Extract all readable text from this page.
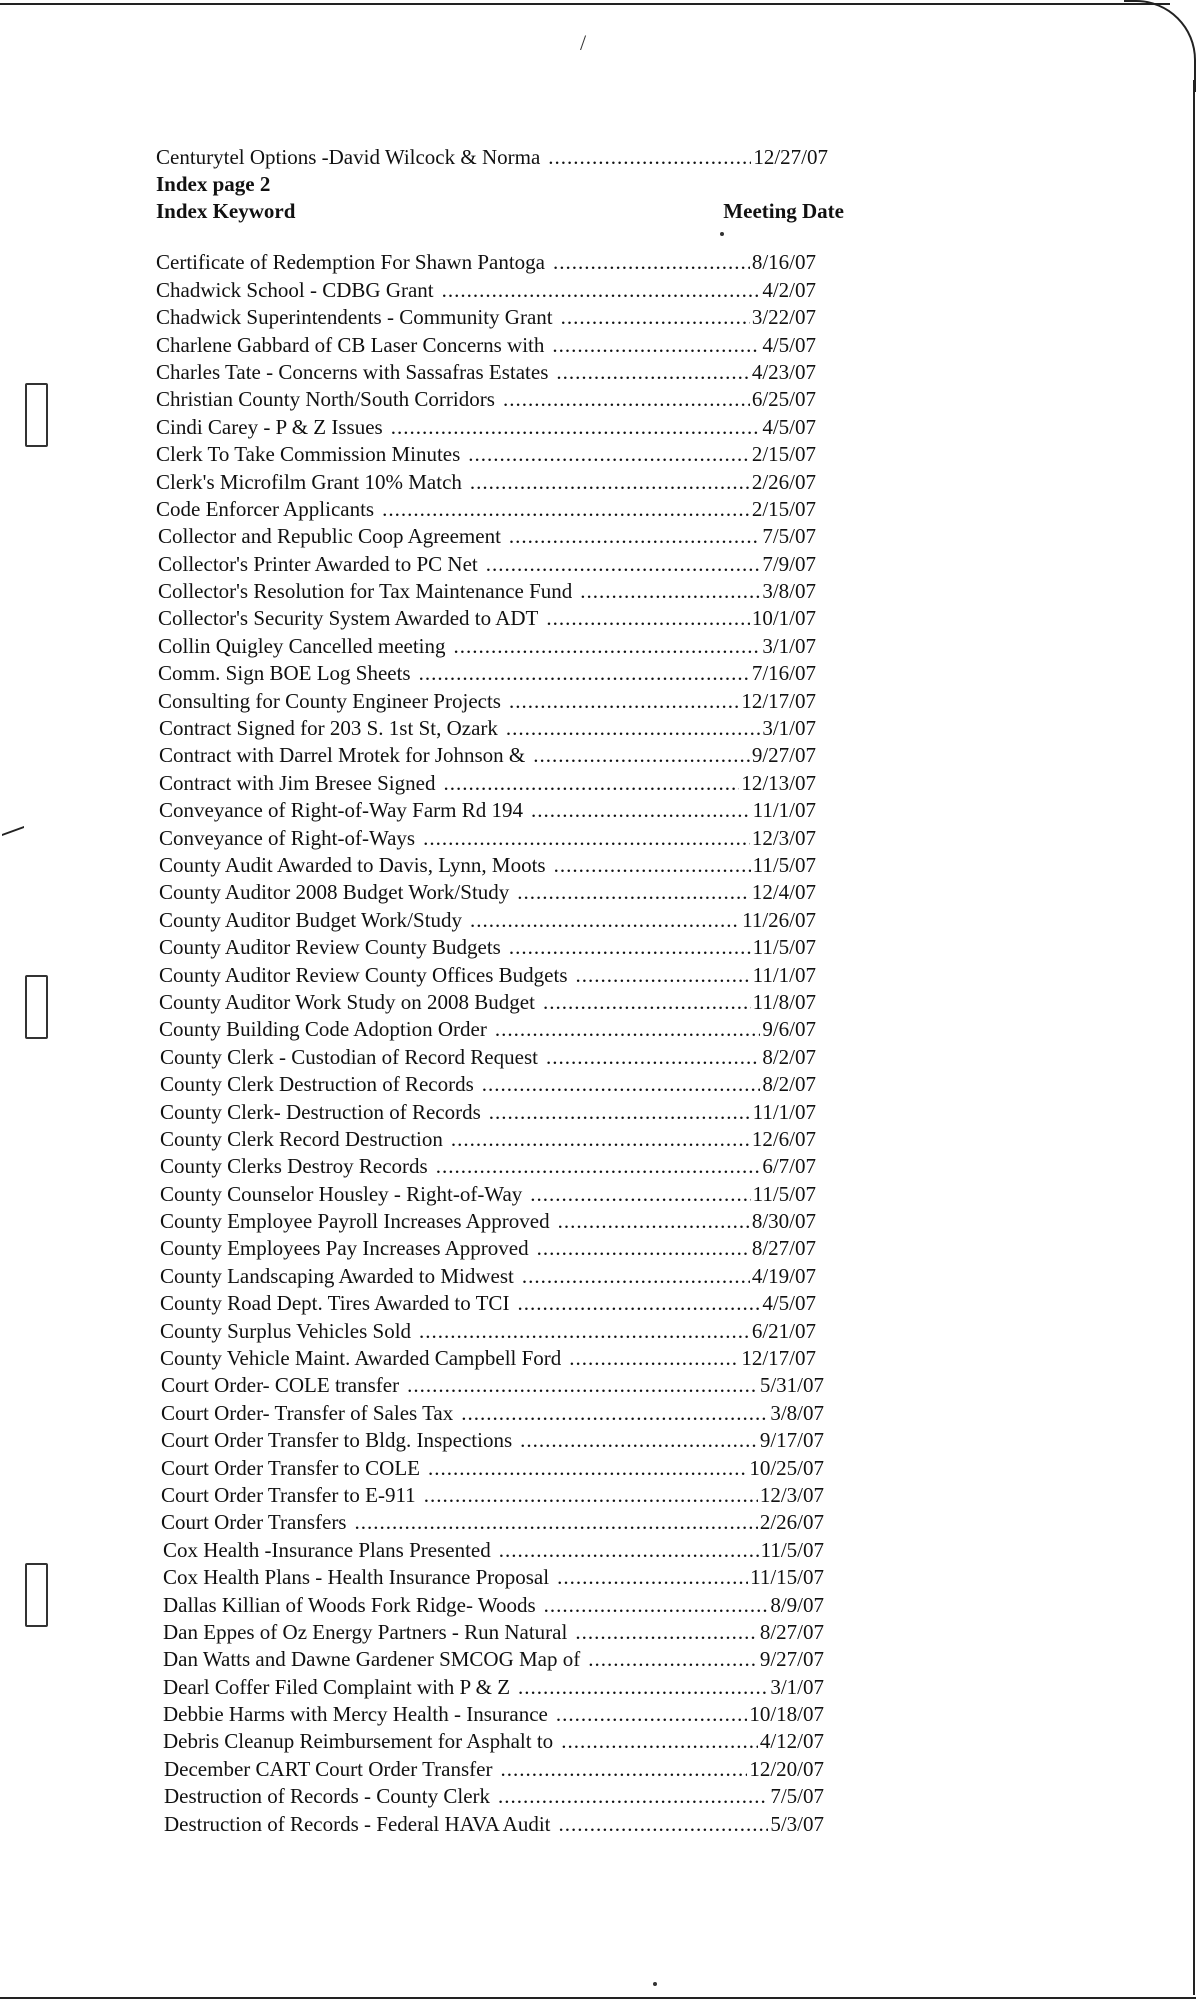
/
Centurytel Options -David Wilcock & Norma .....	12/27/07
Index page 2
Index Keyword	Meeting Date
Certificate of Redemption For Shawn Pantoga .....	8/16/07
Chadwick School - CDBG Grant .....	4/2/07
Chadwick Superintendents - Community Grant .....	3/22/07
Charlene Gabbard of CB Laser Concerns with .....	4/5/07
Charles Tate - Concerns with Sassafras Estates .....	4/23/07
Christian County North/South Corridors .....	6/25/07
Cindi Carey - P & Z Issues .....	4/5/07
Clerk To Take Commission Minutes .....	2/15/07
Clerk's Microfilm Grant 10% Match .....	2/26/07
Code Enforcer Applicants .....	2/15/07
Collector and Republic Coop Agreement .....	7/5/07
Collector's Printer Awarded to PC Net .....	7/9/07
Collector's Resolution for Tax Maintenance Fund .....	3/8/07
Collector's Security System Awarded to ADT .....	10/1/07
Collin Quigley Cancelled meeting .....	3/1/07
Comm. Sign BOE Log Sheets .....	7/16/07
Consulting for County Engineer Projects .....	12/17/07
Contract Signed for 203 S. 1st St, Ozark .....	3/1/07
Contract with Darrel Mrotek for Johnson & .....	9/27/07
Contract with Jim Bresee Signed .....	12/13/07
Conveyance of Right-of-Way Farm Rd 194 .....	11/1/07
Conveyance of Right-of-Ways .....	12/3/07
County Audit Awarded to Davis, Lynn, Moots .....	11/5/07
County Auditor 2008 Budget Work/Study .....	12/4/07
County Auditor Budget Work/Study .....	11/26/07
County Auditor Review County Budgets .....	11/5/07
County Auditor Review County Offices Budgets .....	11/1/07
County Auditor Work Study on 2008 Budget .....	11/8/07
County Building Code Adoption Order .....	9/6/07
County Clerk - Custodian of Record Request .....	8/2/07
County Clerk Destruction of Records .....	8/2/07
County Clerk- Destruction of Records .....	11/1/07
County Clerk Record Destruction .....	12/6/07
County Clerks Destroy Records .....	6/7/07
County Counselor Housley - Right-of-Way .....	11/5/07
County Employee Payroll Increases Approved .....	8/30/07
County Employees Pay Increases Approved .....	8/27/07
County Landscaping Awarded to Midwest .....	4/19/07
County Road Dept. Tires Awarded to TCI .....	4/5/07
County Surplus Vehicles Sold .....	6/21/07
County Vehicle Maint. Awarded Campbell Ford .....	12/17/07
Court Order- COLE transfer .....	5/31/07
Court Order- Transfer of Sales Tax .....	3/8/07
Court Order Transfer to Bldg. Inspections .....	9/17/07
Court Order Transfer to COLE .....	10/25/07
Court Order Transfer to E-911 .....	12/3/07
Court Order Transfers .....	2/26/07
Cox Health -Insurance Plans Presented .....	11/5/07
Cox Health Plans - Health Insurance Proposal .....	11/15/07
Dallas Killian of Woods Fork Ridge- Woods .....	8/9/07
Dan Eppes of Oz Energy Partners - Run Natural .....	8/27/07
Dan Watts and Dawne Gardener SMCOG Map of .....	9/27/07
Dearl Coffer Filed Complaint with P & Z .....	3/1/07
Debbie Harms with Mercy Health - Insurance .....	10/18/07
Debris Cleanup Reimbursement for Asphalt to .....	4/12/07
December CART Court Order Transfer .....	12/20/07
Destruction of Records - County Clerk .....	7/5/07
Destruction of Records - Federal HAVA Audit .....	5/3/07
